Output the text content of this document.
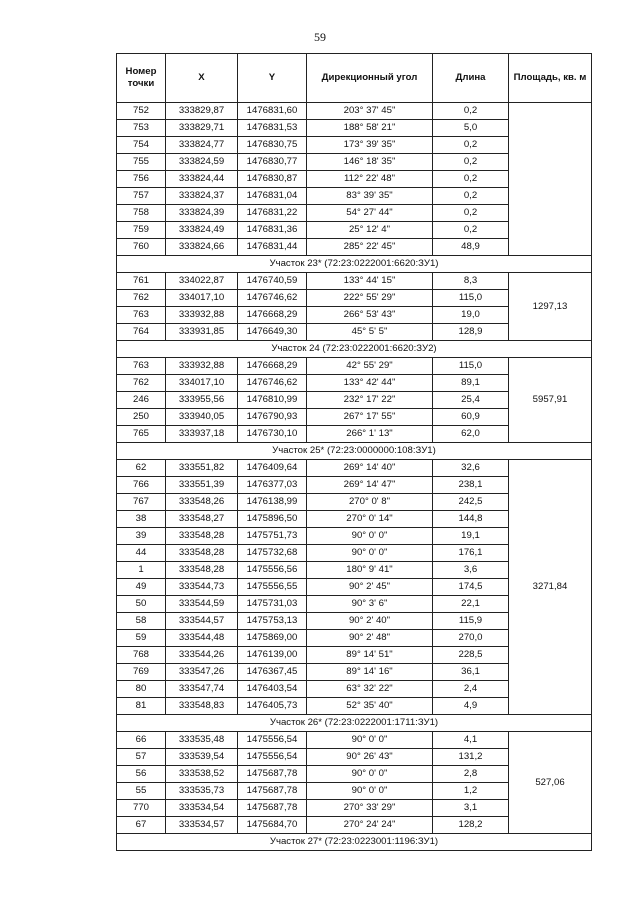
59
Номер точки	X	Y	Дирекционный угол	Длина	Площадь, кв. м
752	333829,87	1476831,60	203° 37' 45"	0,2	
753	333829,71	1476831,53	188° 58' 21"	5,0	
754	333824,77	1476830,75	173° 39' 35"	0,2	
755	333824,59	1476830,77	146° 18' 35"	0,2	
756	333824,44	1476830,87	112° 22' 48"	0,2	
757	333824,37	1476831,04	83° 39' 35"	0,2	
758	333824,39	1476831,22	54° 27' 44"	0,2	
759	333824,49	1476831,36	25° 12' 4"	0,2	
760	333824,66	1476831,44	285° 22' 45"	48,9	
Участок 23* (72:23:0222001:6620:ЗУ1)					
761	334022,87	1476740,59	133° 44' 15"	8,3	1297,13
762	334017,10	1476746,62	222° 55' 29"	115,0	
763	333932,88	1476668,29	266° 53' 43"	19,0	
764	333931,85	1476649,30	45° 5' 5"	128,9	
Участок 24 (72:23:0222001:6620:ЗУ2)					
763	333932,88	1476668,29	42° 55' 29"	115,0	5957,91
762	334017,10	1476746,62	133° 42' 44"	89,1	
246	333955,56	1476810,99	232° 17' 22"	25,4	
250	333940,05	1476790,93	267° 17' 55"	60,9	
765	333937,18	1476730,10	266° 1' 13"	62,0	
Участок 25* (72:23:0000000:108:ЗУ1)					
62	333551,82	1476409,64	269° 14' 40"	32,6	3271,84
766	333551,39	1476377,03	269° 14' 47"	238,1	
767	333548,26	1476138,99	270° 0' 8"	242,5	
38	333548,27	1475896,50	270° 0' 14"	144,8	
39	333548,28	1475751,73	90° 0' 0"	19,1	
44	333548,28	1475732,68	90° 0' 0"	176,1	
1	333548,28	1475556,56	180° 9' 41"	3,6	
49	333544,73	1475556,55	90° 2' 45"	174,5	
50	333544,59	1475731,03	90° 3' 6"	22,1	
58	333544,57	1475753,13	90° 2' 40"	115,9	
59	333544,48	1475869,00	90° 2' 48"	270,0	
768	333544,26	1476139,00	89° 14' 51"	228,5	
769	333547,26	1476367,45	89° 14' 16"	36,1	
80	333547,74	1476403,54	63° 32' 22"	2,4	
81	333548,83	1476405,73	52° 35' 40"	4,9	
Участок 26* (72:23:0222001:1711:ЗУ1)					
66	333535,48	1475556,54	90° 0' 0"	4,1	527,06
57	333539,54	1475556,54	90° 26' 43"	131,2	
56	333538,52	1475687,78	90° 0' 0"	2,8	
55	333535,73	1475687,78	90° 0' 0"	1,2	
770	333534,54	1475687,78	270° 33' 29"	3,1	
67	333534,57	1475684,70	270° 24' 24"	128,2	
Участок 27* (72:23:0223001:1196:ЗУ1)					
